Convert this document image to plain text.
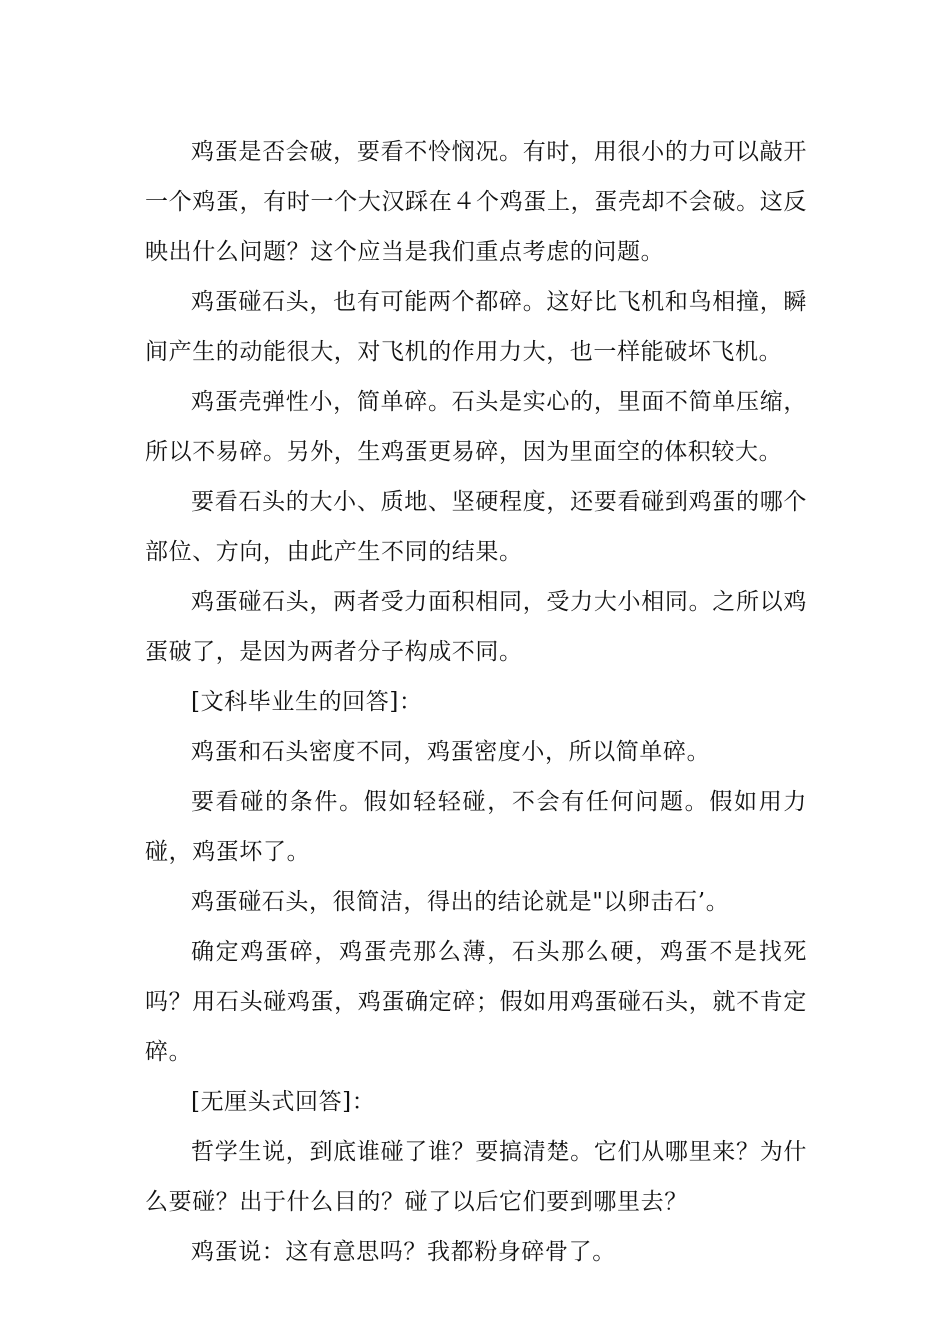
鸡蛋是否会破，要看不怜悯况。有时，用很小的力可以敲开一个鸡蛋，有时一个大汉踩在４个鸡蛋上，蛋壳却不会破。这反映出什么问题？这个应当是我们重点考虑的问题。

鸡蛋碰石头，也有可能两个都碎。这好比飞机和鸟相撞，瞬间产生的动能很大，对飞机的作用力大，也一样能破坏飞机。

鸡蛋壳弹性小，简单碎。石头是实心的，里面不简单压缩，所以不易碎。另外，生鸡蛋更易碎，因为里面空的体积较大。

要看石头的大小、质地、坚硬程度，还要看碰到鸡蛋的哪个部位、方向，由此产生不同的结果。

鸡蛋碰石头，两者受力面积相同，受力大小相同。之所以鸡蛋破了，是因为两者分子构成不同。

[文科毕业生的回答]：

鸡蛋和石头密度不同，鸡蛋密度小，所以简单碎。

要看碰的条件。假如轻轻碰，不会有任何问题。假如用力碰，鸡蛋坏了。

鸡蛋碰石头，很简洁，得出的结论就是"以卵击石’。

确定鸡蛋碎，鸡蛋壳那么薄，石头那么硬，鸡蛋不是找死吗？用石头碰鸡蛋，鸡蛋确定碎；假如用鸡蛋碰石头，就不肯定碎。

[无厘头式回答]：

哲学生说，到底谁碰了谁？要搞清楚。它们从哪里来？为什么要碰？出于什么目的？碰了以后它们要到哪里去？

鸡蛋说：这有意思吗？我都粉身碎骨了。
